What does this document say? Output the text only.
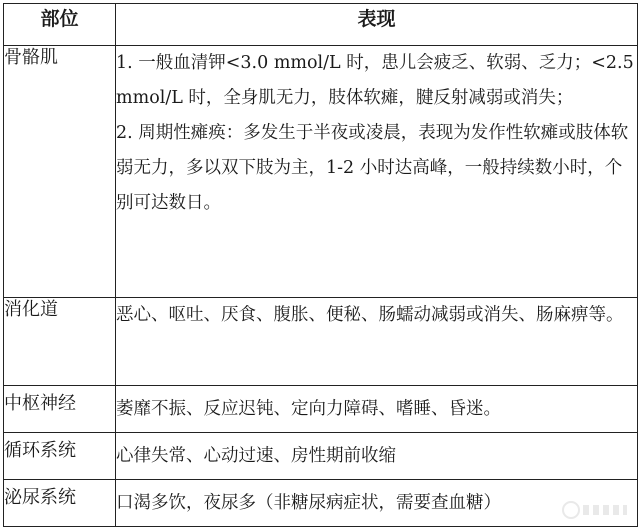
部位	表现
骨骼肌	1. 一般血清钾<3.0 mmol/L 时，患儿会疲乏、软弱、乏力；<2.5 mmol/L 时，全身肌无力，肢体软瘫，腱反射减弱或消失；
2. 周期性瘫痪：多发生于半夜或凌晨，表现为发作性软瘫或肢体软弱无力，多以双下肢为主，1-2 小时达高峰，一般持续数小时，个别可达数日。

消化道	恶心、呕吐、厌食、腹胀、便秘、肠蠕动减弱或消失、肠麻痹等。

中枢神经	萎靡不振、反应迟钝、定向力障碍、嗜睡、昏迷。

循环系统	心律失常、心动过速、房性期前收缩

泌尿系统	口渴多饮，夜尿多（非糖尿病症状，需要查血糖）
